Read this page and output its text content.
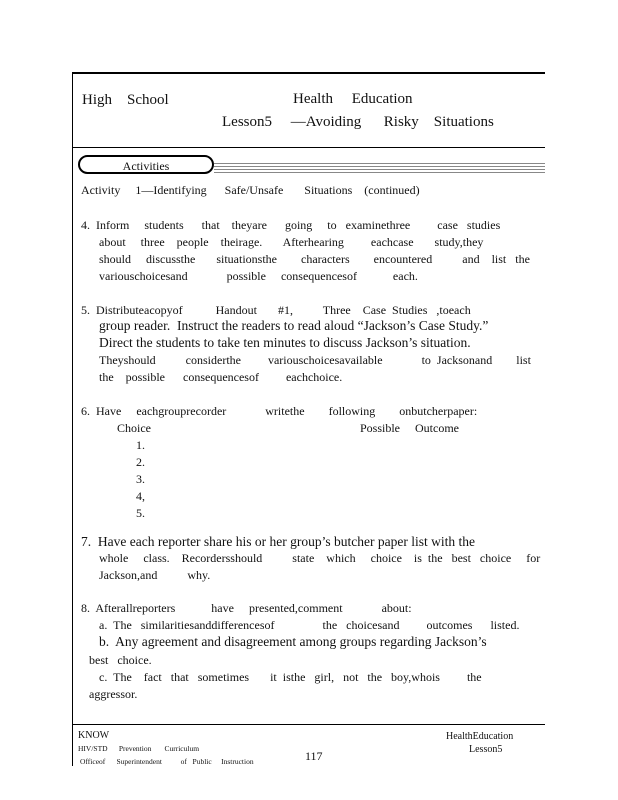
High    School	Health     Education
Lesson5     —Avoiding      Risky    Situations
Activities
Activity     1—Identifying      Safe/Unsafe       Situations    (continued)
4.  Inform     students      that    theyare      going     to   examinethree         case   studies
about     three    people    theirage.       Afterhearing         eachcase       study,they
should     discussthe       situationsthe        characters        encountered          and    list   the
variouschoicesand             possible     consequencesof            each.
5.  Distributeacopyof           Handout       #1,          Three    Case  Studies   ,toeach
group reader.  Instruct the readers to read aloud “Jackson’s Case Study.”
Direct the students to take ten minutes to discuss Jackson’s situation.
Theyshould          considerthe         variouschoicesavailable             to  Jacksonand        list
the    possible      consequencesof         eachchoice.
6.  Have     eachgrouprecorder             writethe        following        onbutcherpaper:
Choice	Possible     Outcome
1.
2.
3.
4,
5.
7.  Have each reporter share his or her group’s butcher paper list with the
whole     class.    Recordersshould          state    which     choice    is  the   best   choice     for
Jackson,and          why.
8.  Afterallreporters            have     presented,comment             about:
a.  The   similaritiesanddifferencesof                the   choicesand         outcomes      listed.
b.  Any agreement and disagreement among groups regarding Jackson’s
best   choice.
c.  The    fact   that   sometimes       it  isthe   girl,   not   the   boy,whois         the
aggressor.
KNOW
HIV/STD      Prevention       Curriculum
Officeof      Superintendent          of   Public     Instruction	117
HealthEducation
Lesson5
